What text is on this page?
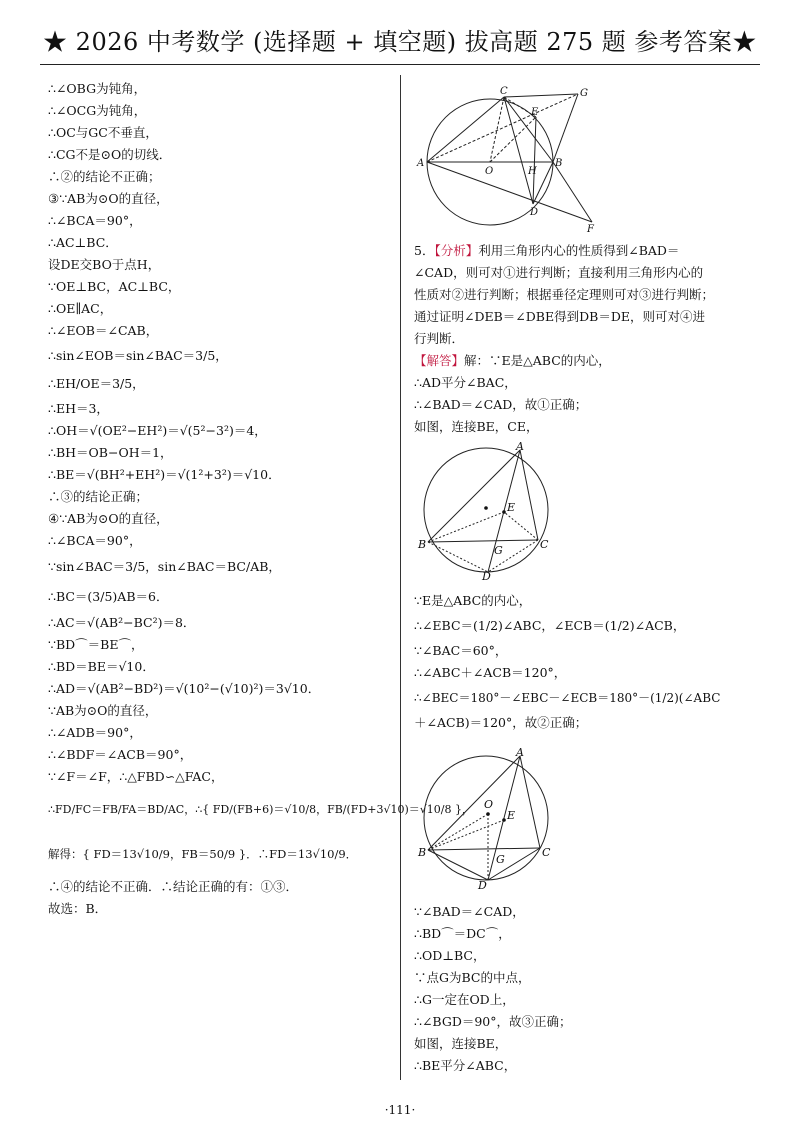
★ 2026 中考数学 (选择题 + 填空题) 拔高题 275 题 参考答案★
∴∠OBG为钝角，
∴∠OCG为钝角，
∴OC与GC不垂直，
∴CG不是⊙O的切线．
∴②的结论不正确；
③∵AB为⊙O的直径，
∴∠BCA＝90°，
∴AC⊥BC．
设DE交BO于点H，
∵OE⊥BC，AC⊥BC，
∴OE∥AC，
∴∠EOB＝∠CAB，
∴sin∠EOB＝sin∠BAC＝3/5，
∴EH/OE＝3/5，
∴EH＝3，
∴OH＝√(OE²−EH²)＝√(5²−3²)＝4，
∴BH＝OB−OH＝1，
∴BE＝√(BH²+EH²)＝√(1²+3²)＝√10．
∴③的结论正确；
④∵AB为⊙O的直径，
∴∠BCA＝90°，
∵sin∠BAC＝3/5，sin∠BAC＝BC/AB，
∴BC＝(3/5)AB＝6．
∴AC＝√(AB²−BC²)＝8．
∵BD⌒＝BE⌒，
∴BD＝BE＝√10．
∴AD＝√(AB²−BD²)＝√(10²−(√10)²)＝3√10．
∵AB为⊙O的直径，
∴∠ADB＝90°，
∴∠BDF＝∠ACB＝90°，
∵∠F＝∠F，∴△FBD∽△FAC，
∴FD/FC＝FB/FA＝BD/AC，∴{ FD/(FB+6)＝√10/8，FB/(FD+3√10)＝√10/8 }，
解得：{ FD＝13√10/9，FB＝50/9 }．∴FD＝13√10/9．
∴④的结论不正确．∴结论正确的有：①③．
故选：B．
A	B
C
D
E
F
G
H
O
5．【分析】利用三角形内心的性质得到∠BAD＝
∠CAD，则可对①进行判断；直接利用三角形内心的
性质对②进行判断；根据垂径定理则可对③进行判断；
通过证明∠DEB＝∠DBE得到DB＝DE，则可对④进
行判断．
【解答】解：∵E是△ABC的内心，
∴AD平分∠BAC，
∴∠BAD＝∠CAD，故①正确；
如图，连接BE，CE，
A
B	C
D
E
G
∵E是△ABC的内心，
∴∠EBC＝(1/2)∠ABC，∠ECB＝(1/2)∠ACB，
∵∠BAC＝60°，
∴∠ABC＋∠ACB＝120°，
∴∠BEC＝180°－∠EBC－∠ECB＝180°－(1/2)(∠ABC
＋∠ACB)＝120°，故②正确；
A
B	C
D
E
G
O
∵∠BAD＝∠CAD，
∴BD⌒＝DC⌒，
∴OD⊥BC，
∵点G为BC的中点，
∴G一定在OD上，
∴∠BGD＝90°，故③正确；
如图，连接BE，
∴BE平分∠ABC，
·111·
